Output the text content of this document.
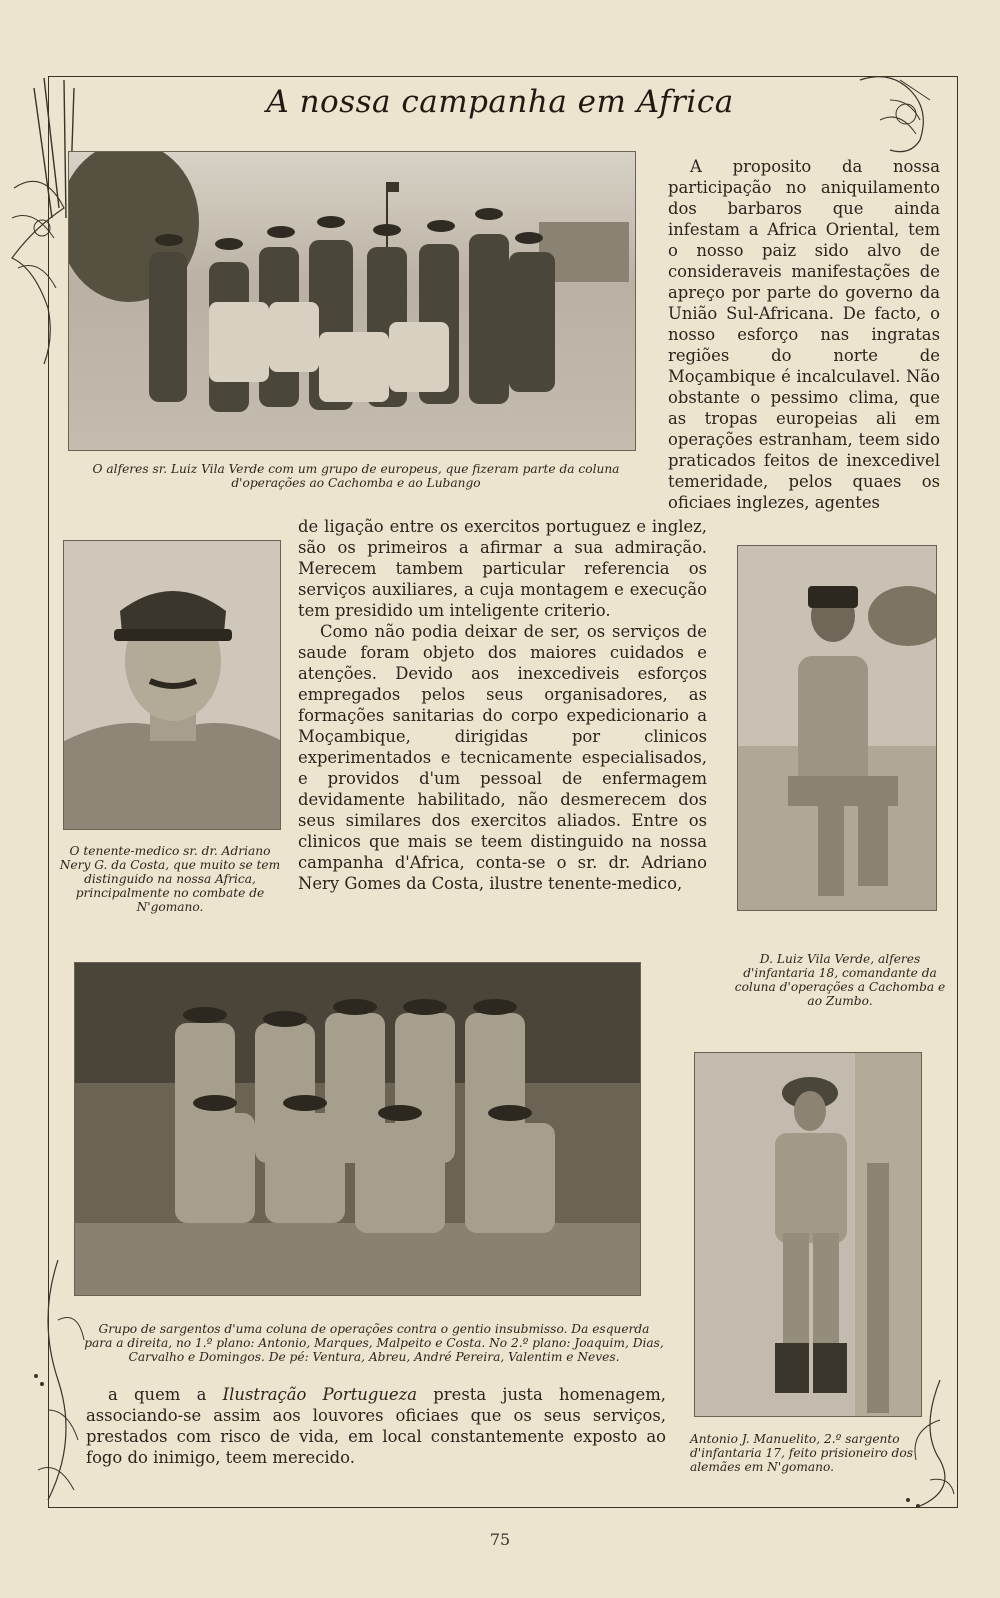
A nossa campanha em Africa
O alferes sr. Luiz Vila Verde com um grupo de europeus, que fizeram parte da coluna d'operações ao Cachomba e ao Lubango

A proposito da nossa participação no aniquilamento dos barbaros que ainda infestam a Africa Oriental, tem o nosso paiz sido alvo de consideraveis manifestações de apreço por parte do governo da União Sul-Africana. De facto, o nosso esforço nas ingratas regiões do norte de Moçambique é incalculavel. Não obstante o pessimo clima, que as tropas europeias ali em operações estranham, teem sido praticados feitos de inexcedivel temeridade, pelos quaes os oficiaes inglezes, agentes

O tenente-medico sr. dr. Adriano Nery G. da Costa, que muito se tem distinguido na nossa Africa, principalmente no combate de N'gomano.

de ligação entre os exercitos portuguez e inglez, são os primeiros a afirmar a sua admiração. Merecem tambem particular referencia os serviços auxiliares, a cuja montagem e execução tem presidido um inteligente criterio.

Como não podia deixar de ser, os serviços de saude foram objeto dos maiores cuidados e atenções. Devido aos inexcediveis esforços empregados pelos seus organisadores, as formações sanitarias do corpo expedicionario a Moçambique, dirigidas por clinicos experimentados e tecnicamente especialisados, e providos d'um pessoal de enfermagem devidamente habilitado, não desmerecem dos seus similares dos exercitos aliados. Entre os clinicos que mais se teem distinguido na nossa campanha d'Africa, conta-se o sr. dr. Adriano Nery Gomes da Costa, ilustre tenente-medico,

D. Luiz Vila Verde, alferes d'infantaria 18, comandante da coluna d'operações a Cachomba e ao Zumbo.
Grupo de sargentos d'uma coluna de operações contra o gentio insubmisso. Da esquerda para a direita, no 1.º plano: Antonio, Marques, Malpeito e Costa. No 2.º plano: Joaquim, Dias, Carvalho e Domingos. De pé: Ventura, Abreu, André Pereira, Valentim e Neves.
Antonio J. Manuelito, 2.º sargento d'infantaria 17, feito prisioneiro dos alemães em N'gomano.

a quem a Ilustração Portugueza presta justa homenagem, associando-se assim aos louvores oficiaes que os seus serviços, prestados com risco de vida, em local constantemente exposto ao fogo do inimigo, teem merecido.

75
